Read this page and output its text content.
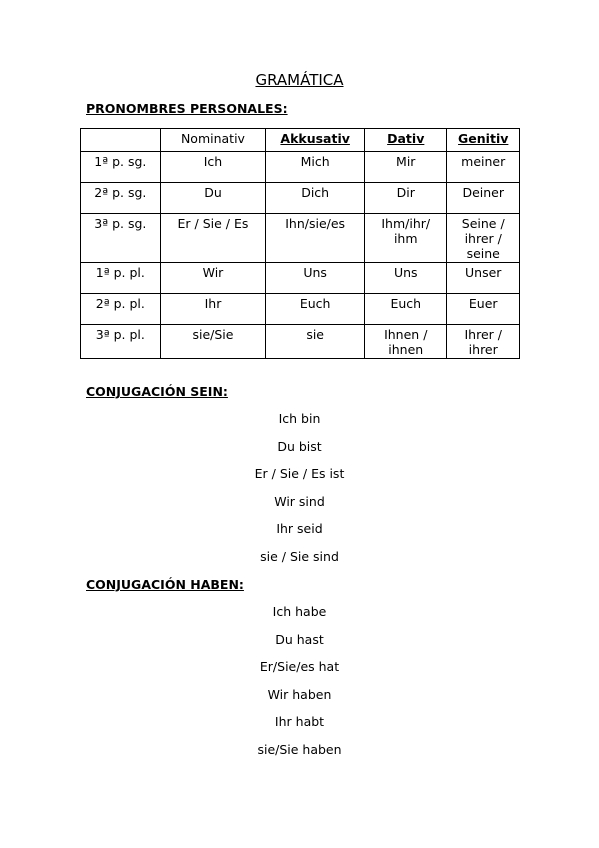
GRAMÁTICA
PRONOMBRES PERSONALES:
	Nominativ	Akkusativ	Dativ	Genitiv
1ª p. sg.	Ich	Mich	Mir	meiner
2ª p. sg.	Du	Dich	Dir	Deiner
3ª p. sg.	Er / Sie / Es	Ihn/sie/es	Ihm/ihr/ ihm	Seine / ihrer / seine
1ª p. pl.	Wir	Uns	Uns	Unser
2ª p. pl.	Ihr	Euch	Euch	Euer
3ª p. pl.	sie/Sie	sie	Ihnen / ihnen	Ihrer / ihrer
CONJUGACIÓN SEIN:
Ich bin
Du bist
Er / Sie / Es ist
Wir sind
Ihr seid
sie / Sie sind
CONJUGACIÓN HABEN:
Ich habe
Du hast
Er/Sie/es hat
Wir haben
Ihr habt
sie/Sie haben
